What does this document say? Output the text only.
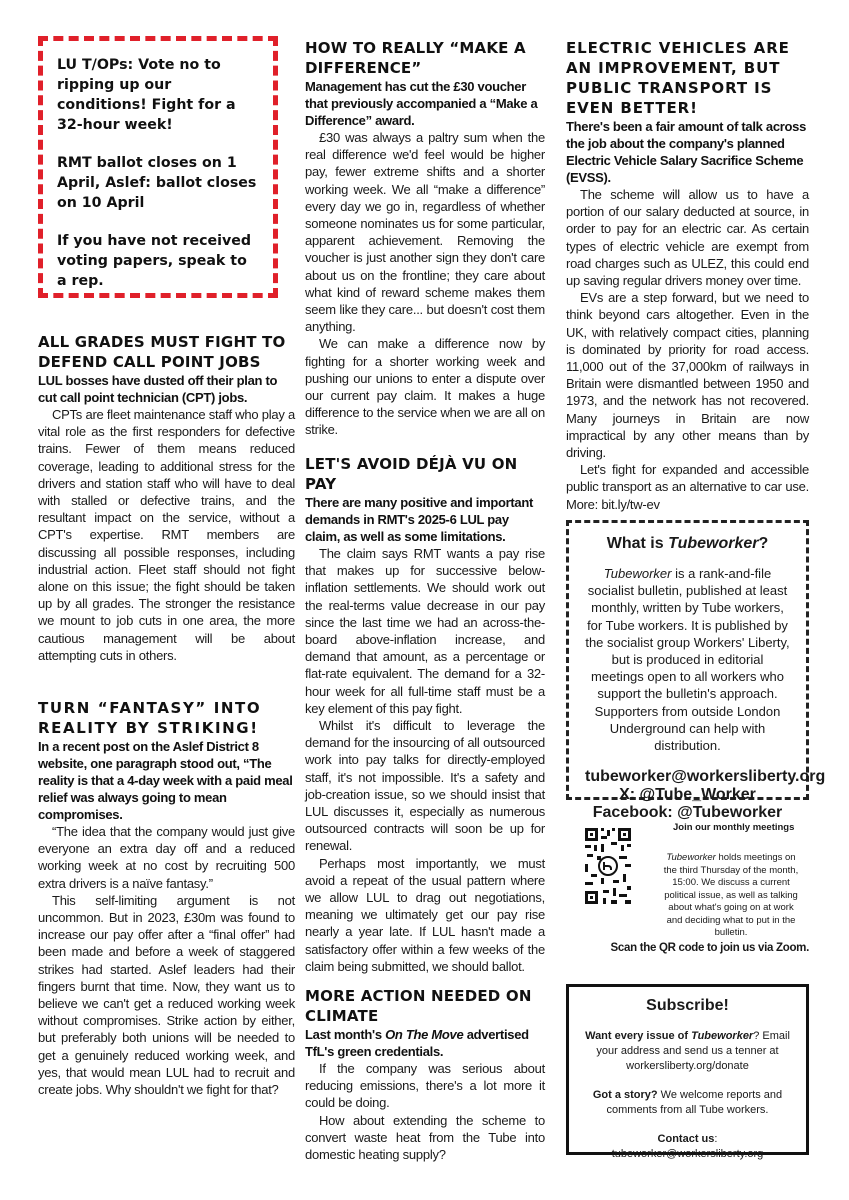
LU T/OPs: Vote no to ripping up our conditions! Fight for a 32-hour week!

RMT ballot closes on 1 April, Aslef: ballot closes on 10 April

If you have not received voting papers, speak to a rep.

ALL GRADES MUST FIGHT TO DEFEND CALL POINT JOBS

LUL bosses have dusted off their plan to cut call point technician (CPT) jobs.

CPTs are fleet maintenance staff who play a vital role as the first responders for defective trains. Fewer of them means reduced coverage, leading to additional stress for the drivers and station staff who will have to deal with stalled or defective trains, and the resultant impact on the service, without a CPT's expertise. RMT members are discussing all possible responses, including industrial action. Fleet staff should not fight alone on this issue; the fight should be taken up by all grades. The stronger the resistance we mount to job cuts in one area, the more cautious management will be about attempting cuts in others.

TURN “FANTASY” INTO REALITY BY STRIKING!

In a recent post on the Aslef District 8 website, one paragraph stood out, “The reality is that a 4-day week with a paid meal relief was always going to mean compromises.

“The idea that the company would just give everyone an extra day off and a reduced working week at no cost by recruiting 500 extra drivers is a naïve fantasy.”

This self-limiting argument is not uncommon. But in 2023, £30m was found to increase our pay offer after a “final offer” had been made and before a week of staggered strikes had started. Aslef leaders had their fingers burnt that time. Now, they want us to believe we can't get a reduced working week without compromises. Strike action by either, but preferably both unions will be needed to get a genuinely reduced working week, and yes, that would mean LUL had to recruit and create jobs. Why shouldn't we fight for that?

HOW TO REALLY “MAKE A DIFFERENCE”

Management has cut the £30 voucher that previously accompanied a “Make a Difference” award.

£30 was always a paltry sum when the real difference we'd feel would be higher pay, fewer extreme shifts and a shorter working week. We all “make a difference” every day we go in, regardless of whether someone nominates us for some particular, apparent achievement. Removing the voucher is just another sign they don't care about us on the frontline; they care about what kind of reward scheme makes them seem like they care... but doesn't cost them anything.

We can make a difference now by fighting for a shorter working week and pushing our unions to enter a dispute over our current pay claim. It makes a huge difference to the service when we are all on strike.

LET'S AVOID DÉJÀ VU ON PAY

There are many positive and important demands in RMT's 2025-6 LUL pay claim, as well as some limitations.

The claim says RMT wants a pay rise that makes up for successive below-inflation settlements. We should work out the real-terms value decrease in our pay since the last time we had an across-the-board above-inflation increase, and demand that amount, as a percentage or flat-rate equivalent. The demand for a 32-hour week for all full-time staff must be a key element of this pay fight.

Whilst it's difficult to leverage the demand for the insourcing of all outsourced work into pay talks for directly-employed staff, it's not impossible. It's a safety and job-creation issue, so we should insist that LUL discusses it, especially as numerous outsourced contracts will soon be up for renewal.

Perhaps most importantly, we must avoid a repeat of the usual pattern where we allow LUL to drag out negotiations, meaning we ultimately get our pay rise nearly a year late. If LUL hasn't made a satisfactory offer within a few weeks of the claim being submitted, we should ballot.

MORE ACTION NEEDED ON CLIMATE

Last month's On The Move advertised TfL's green credentials.

If the company was serious about reducing emissions, there's a lot more it could be doing.

How about extending the scheme to convert waste heat from the Tube into domestic heating supply?

ELECTRIC VEHICLES ARE AN IMPROVEMENT, BUT PUBLIC TRANSPORT IS EVEN BETTER!

There's been a fair amount of talk across the job about the company's planned Electric Vehicle Salary Sacrifice Scheme (EVSS).

The scheme will allow us to have a portion of our salary deducted at source, in order to pay for an electric car. As certain types of electric vehicle are exempt from road charges such as ULEZ, this could end up saving regular drivers money over time.

EVs are a step forward, but we need to think beyond cars altogether. Even in the UK, with relatively compact cities, planning is dominated by priority for road access. 11,000 out of the 37,000km of railways in Britain were dismantled between 1950 and 1973, and the network has not recovered. Many journeys in Britain are now impractical by any other means than by driving.

Let's fight for expanded and accessible public transport as an alternative to car use. More: bit.ly/tw-ev

What is Tubeworker?

Tubeworker is a rank-and-file socialist bulletin, published at least monthly, written by Tube workers, for Tube workers. It is published by the socialist group Workers' Liberty, but is produced in editorial meetings open to all workers who support the bulletin's approach. Supporters from outside London Underground can help with distribution.

tubeworker@workersliberty.org
X: @Tube_Worker
Facebook: @Tubeworker
Join our monthly meetings
Tubeworker holds meetings on the third Thursday of the month, 15:00. We discuss a current political issue, as well as talking about what's going on at work and deciding what to put in the bulletin.
Scan the QR code to join us via Zoom.
Subscribe!

Want every issue of Tubeworker? Email your address and send us a tenner at workersliberty.org/donate

Got a story? We welcome reports and comments from all Tube workers.

Contact us: tubeworker@workersliberty.org
